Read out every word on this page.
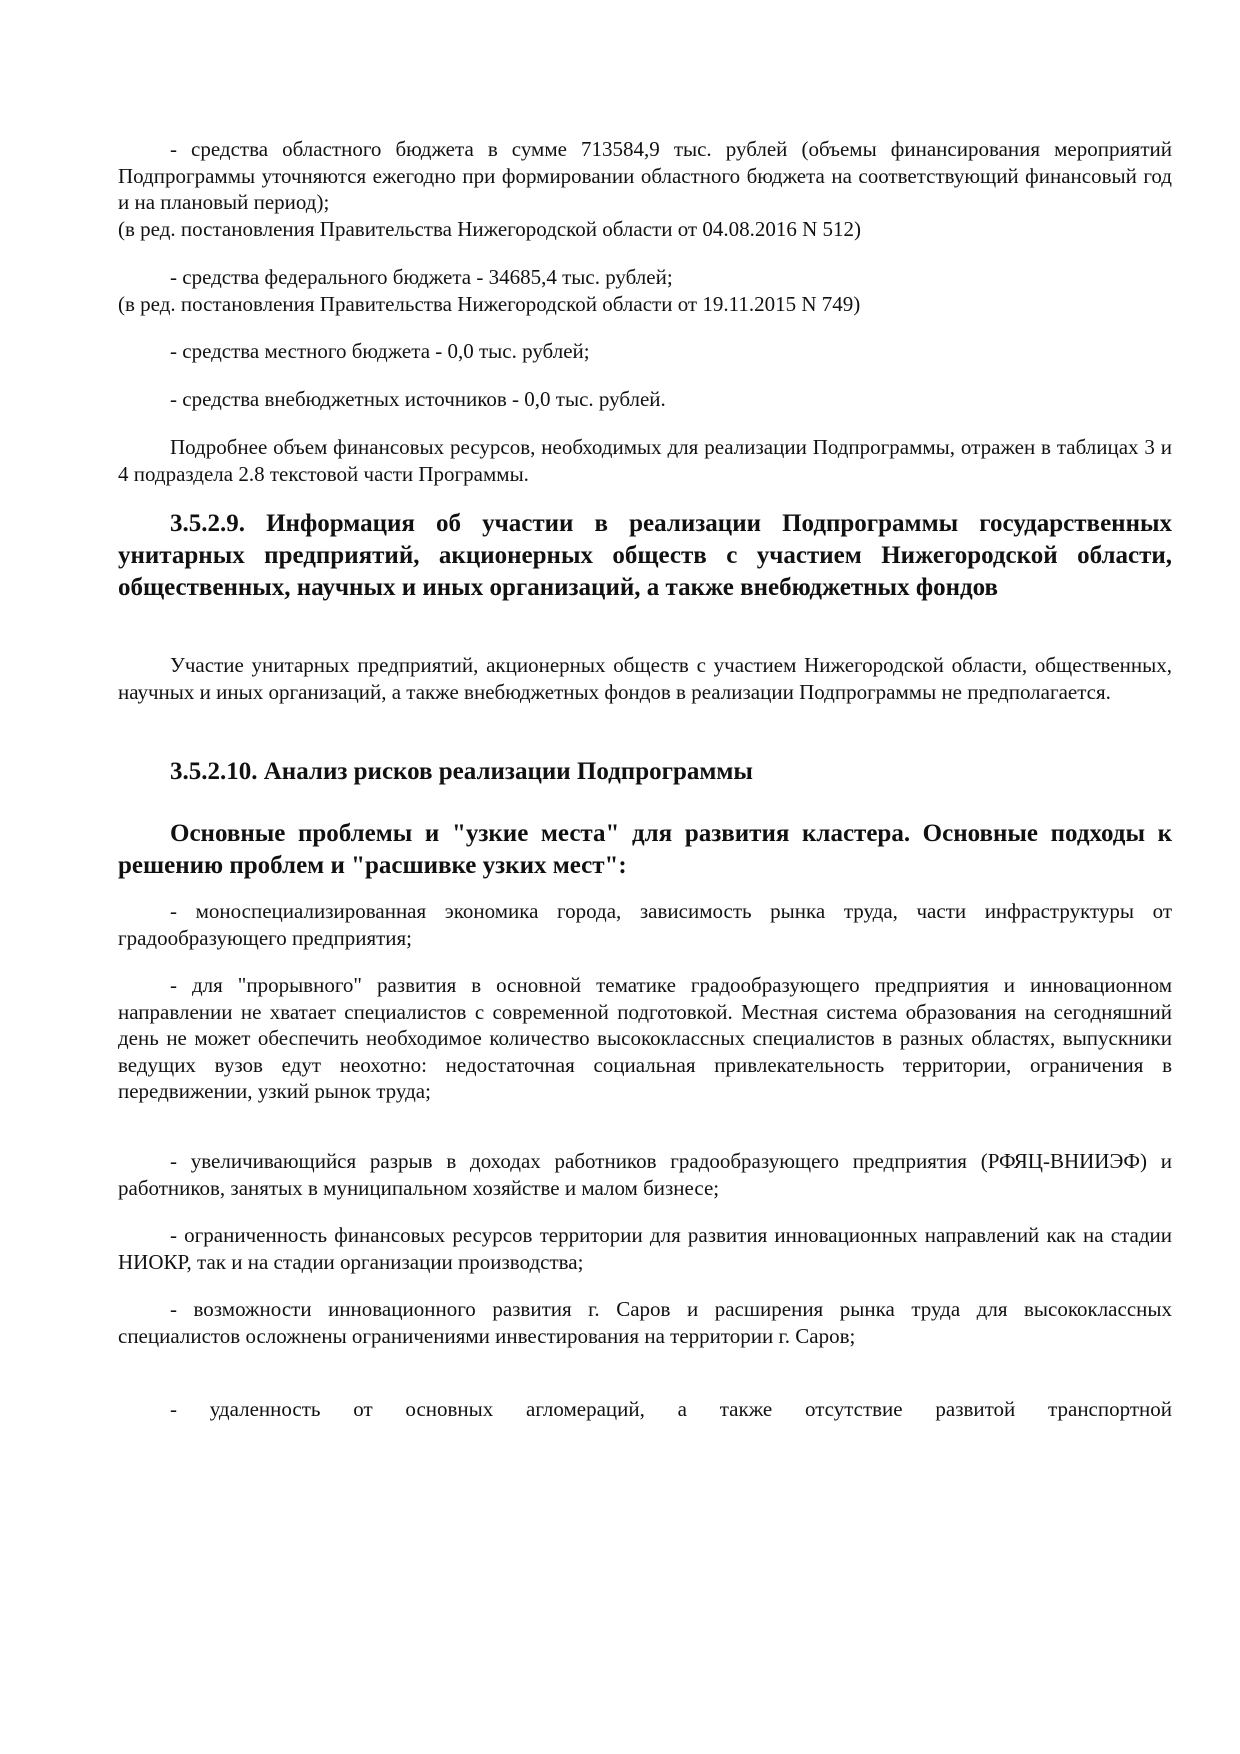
- средства областного бюджета в сумме 713584,9 тыс. рублей (объемы финансирования мероприятий Подпрограммы уточняются ежегодно при формировании областного бюджета на соответствующий финансовый год и на плановый период);

(в ред. постановления Правительства Нижегородской области от 04.08.2016 N 512)

- средства федерального бюджета - 34685,4 тыс. рублей;

(в ред. постановления Правительства Нижегородской области от 19.11.2015 N 749)

- средства местного бюджета - 0,0 тыс. рублей;

- средства внебюджетных источников - 0,0 тыс. рублей.

Подробнее объем финансовых ресурсов, необходимых для реализации Подпрограммы, отражен в таблицах 3 и 4 подраздела 2.8 текстовой части Программы.

3.5.2.9. Информация об участии в реализации Подпрограммы государственных унитарных предприятий, акционерных обществ с участием Нижегородской области, общественных, научных и иных организаций, а также внебюджетных фондов

Участие унитарных предприятий, акционерных обществ с участием Нижегородской области, общественных, научных и иных организаций, а также внебюджетных фондов в реализации Подпрограммы не предполагается.

3.5.2.10. Анализ рисков реализации Подпрограммы

Основные проблемы и "узкие места" для развития кластера. Основные подходы к решению проблем и "расшивке узких мест":

- моноспециализированная экономика города, зависимость рынка труда, части инфраструктуры от градообразующего предприятия;

- для "прорывного" развития в основной тематике градообразующего предприятия и инновационном направлении не хватает специалистов с современной подготовкой. Местная система образования на сегодняшний день не может обеспечить необходимое количество высококлассных специалистов в разных областях, выпускники ведущих вузов едут неохотно: недостаточная социальная привлекательность территории, ограничения в передвижении, узкий рынок труда;

- увеличивающийся разрыв в доходах работников градообразующего предприятия (РФЯЦ-ВНИИЭФ) и работников, занятых в муниципальном хозяйстве и малом бизнесе;

- ограниченность финансовых ресурсов территории для развития инновационных направлений как на стадии НИОКР, так и на стадии организации производства;

- возможности инновационного развития г. Саров и расширения рынка труда для высококлассных специалистов осложнены ограничениями инвестирования на территории г. Саров;

- удаленность от основных агломераций, а также отсутствие развитой транспортной
